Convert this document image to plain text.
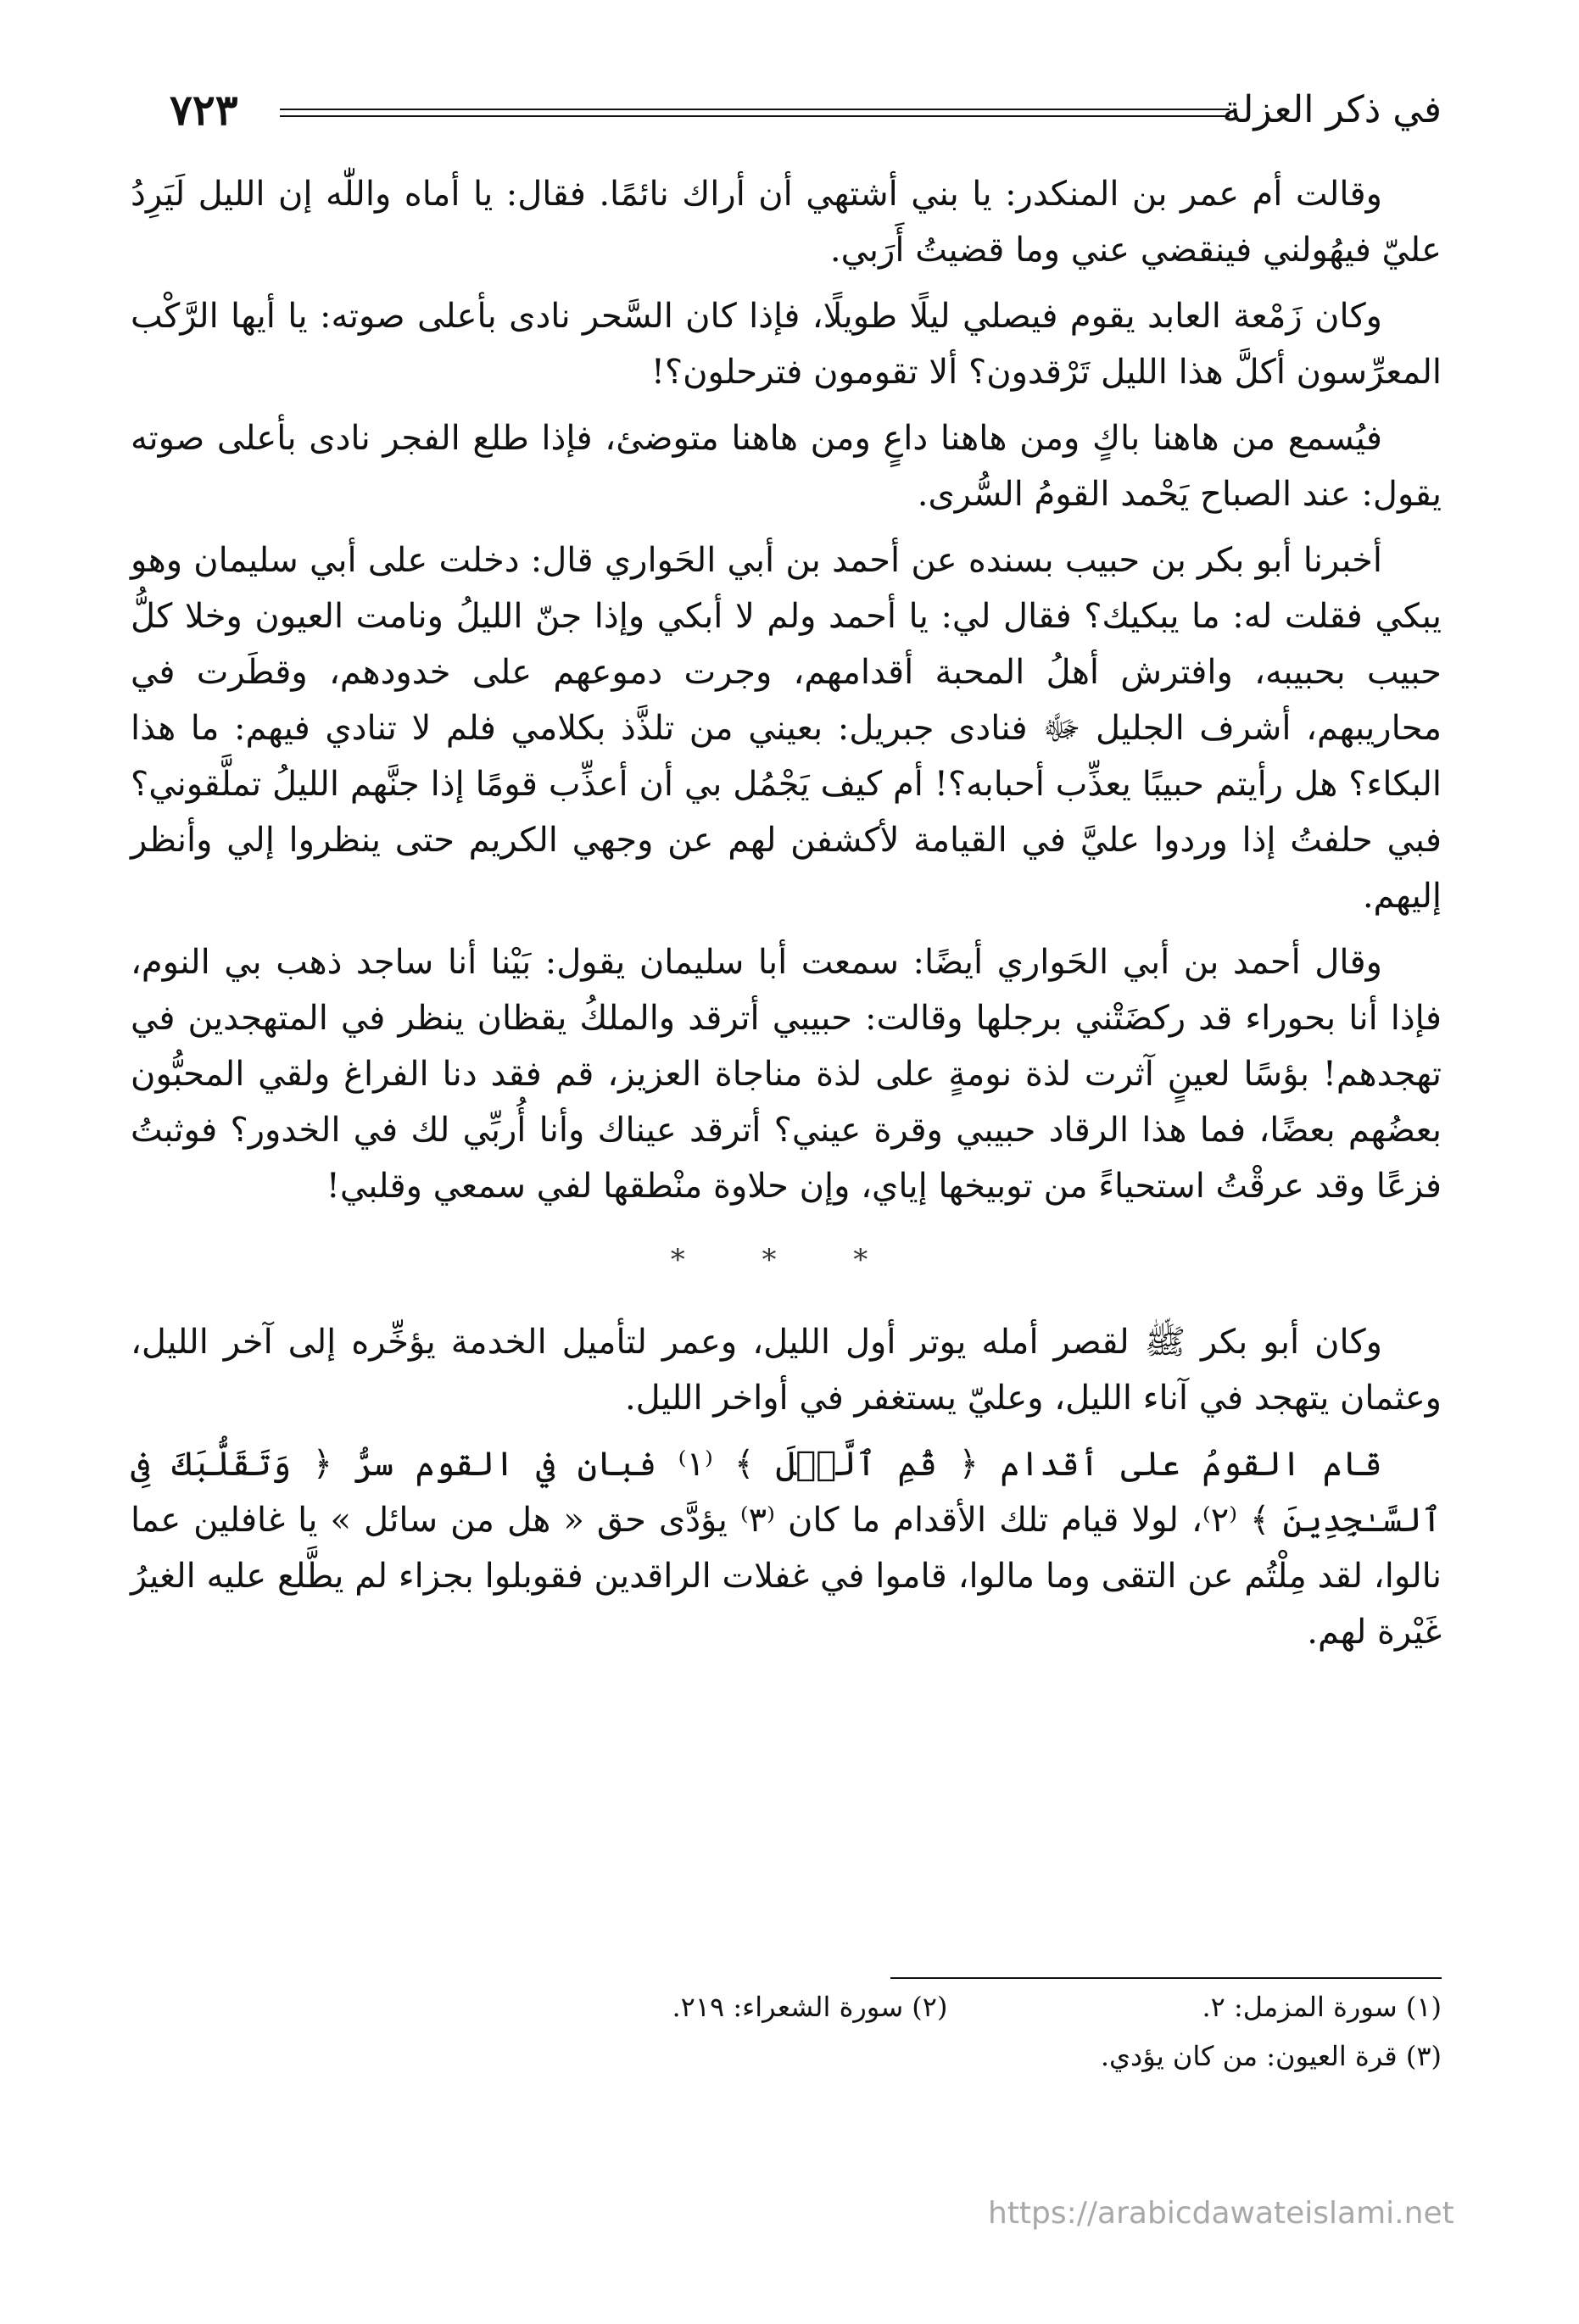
في ذكر العزلة
٧٢٣

وقالت أم عمر بن المنكدر: يا بني أشتهي أن أراك نائمًا. فقال: يا أماه واللّٰه إن الليل لَيَرِدُ عليّ فيهُولني فينقضي عني وما قضيتُ أَرَبي.

وكان زَمْعة العابد يقوم فيصلي ليلًا طويلًا، فإذا كان السَّحر نادى بأعلى صوته: يا أيها الرَّكْب المعرِّسون أكلَّ هذا الليل تَرْقدون؟ ألا تقومون فترحلون؟!

فيُسمع من هاهنا باكٍ ومن هاهنا داعٍ ومن هاهنا متوضئ، فإذا طلع الفجر نادى بأعلى صوته يقول: عند الصباح يَحْمد القومُ السُّرى.

أخبرنا أبو بكر بن حبيب بسنده عن أحمد بن أبي الحَواري قال: دخلت على أبي سليمان وهو يبكي فقلت له: ما يبكيك؟ فقال لي: يا أحمد ولم لا أبكي وإذا جنّ الليلُ ونامت العيون وخلا كلُّ حبيب بحبيبه، وافترش أهلُ المحبة أقدامهم، وجرت دموعهم على خدودهم، وقطَرت في محاريبهم، أشرف الجليل ﷻ فنادى جبريل: بعيني من تلذَّذ بكلامي فلم لا تنادي فيهم: ما هذا البكاء؟ هل رأيتم حبيبًا يعذِّب أحبابه؟! أم كيف يَجْمُل بي أن أعذِّب قومًا إذا جنَّهم الليلُ تملَّقوني؟ فبي حلفتُ إذا وردوا عليَّ في القيامة لأكشفن لهم عن وجهي الكريم حتى ينظروا إلي وأنظر إليهم.

وقال أحمد بن أبي الحَواري أيضًا: سمعت أبا سليمان يقول: بَيْنا أنا ساجد ذهب بي النوم، فإذا أنا بحوراء قد ركضَتْني برجلها وقالت: حبيبي أترقد والملكُ يقظان ينظر في المتهجدين في تهجدهم! بؤسًا لعينٍ آثرت لذة نومةٍ على لذة مناجاة العزيز، قم فقد دنا الفراغ ولقي المحبُّون بعضُهم بعضًا، فما هذا الرقاد حبيبي وقرة عيني؟ أترقد عيناك وأنا أُربِّي لك في الخدور؟ فوثبتُ فزعًا وقد عرقْتُ استحياءً من توبيخها إياي، وإن حلاوة منْطقها لفي سمعي وقلبي!

* * *

وكان أبو بكر ﷺ لقصر أمله يوتر أول الليل، وعمر لتأميل الخدمة يؤخِّره إلى آخر الليل، وعثمان يتهجد في آناء الليل، وعليّ يستغفر في أواخر الليل.

قام القومُ على أقدام ﴿ قُمِ ٱلَّيۡلَ ﴾ ⁽١⁾ فبان في القوم سرُّ ﴿ وَتَقَلُّبَكَ فِى ٱلسَّـٰجِدِينَ ﴾ ⁽٢⁾، لولا قيام تلك الأقدام ما كان ⁽٣⁾ يؤدَّى حق « هل من سائل » يا غافلين عما نالوا، لقد مِلْتُم عن التقى وما مالوا، قاموا في غفلات الراقدين فقوبلوا بجزاء لم يطَّلع عليه الغيرُ غَيْرة لهم.

(١) سورة المزمل: ٢.
(٢) سورة الشعراء: ٢١٩.
(٣) قرة العيون: من كان يؤدي.
https://arabicdawateislami.net
